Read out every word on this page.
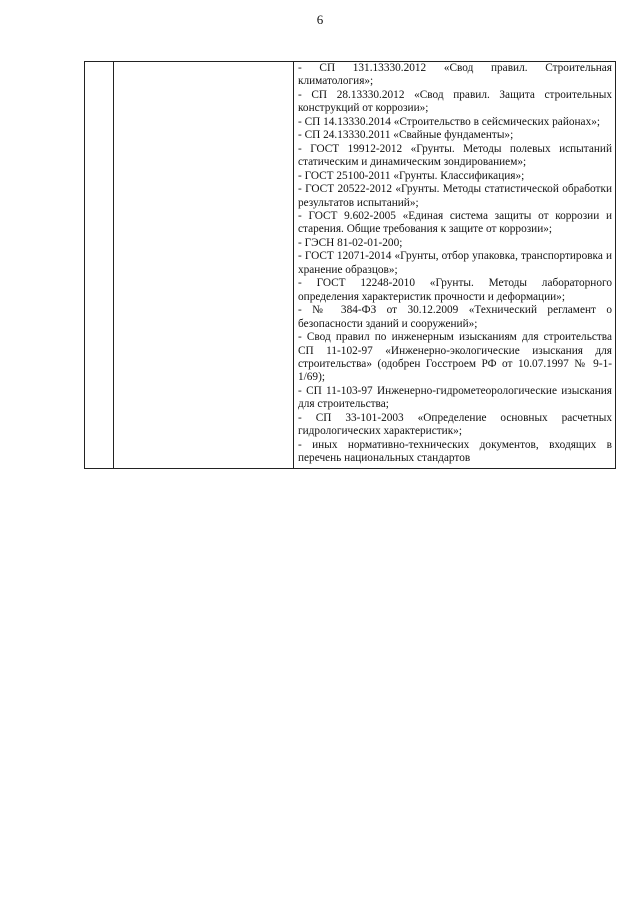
6

- СП 131.13330.2012 «Свод правил. Строительная климатология»;
- СП 28.13330.2012 «Свод правил. Защита строительных конструкций от коррозии»;
- СП 14.13330.2014 «Строительство в сейсмических районах»;
- СП 24.13330.2011 «Свайные фундаменты»;
- ГОСТ 19912-2012 «Грунты. Методы полевых испытаний статическим и динамическим зондированием»;
- ГОСТ 25100-2011 «Грунты. Классификация»;
- ГОСТ 20522-2012 «Грунты. Методы статистической обработки результатов испытаний»;
- ГОСТ 9.602-2005 «Единая система защиты от коррозии и старения. Общие требования к защите от коррозии»;
- ГЭСН 81-02-01-200;
- ГОСТ 12071-2014 «Грунты, отбор упаковка, транспортировка и хранение образцов»;
- ГОСТ 12248-2010 «Грунты. Методы лабораторного определения характеристик прочности и деформации»;
- № 384-ФЗ от 30.12.2009 «Технический регламент о безопасности зданий и сооружений»;
- Свод правил по инженерным изысканиям для строительства СП 11-102-97 «Инженерно-экологические изыскания для строительства» (одобрен Госстроем РФ от 10.07.1997 № 9-1- 1/69);
- СП 11-103-97 Инженерно-гидрометеорологические изыскания для строительства;
- СП 33-101-2003 «Определение основных расчетных гидрологических характеристик»;
- иных нормативно-технических документов, входящих в перечень национальных стандартов
